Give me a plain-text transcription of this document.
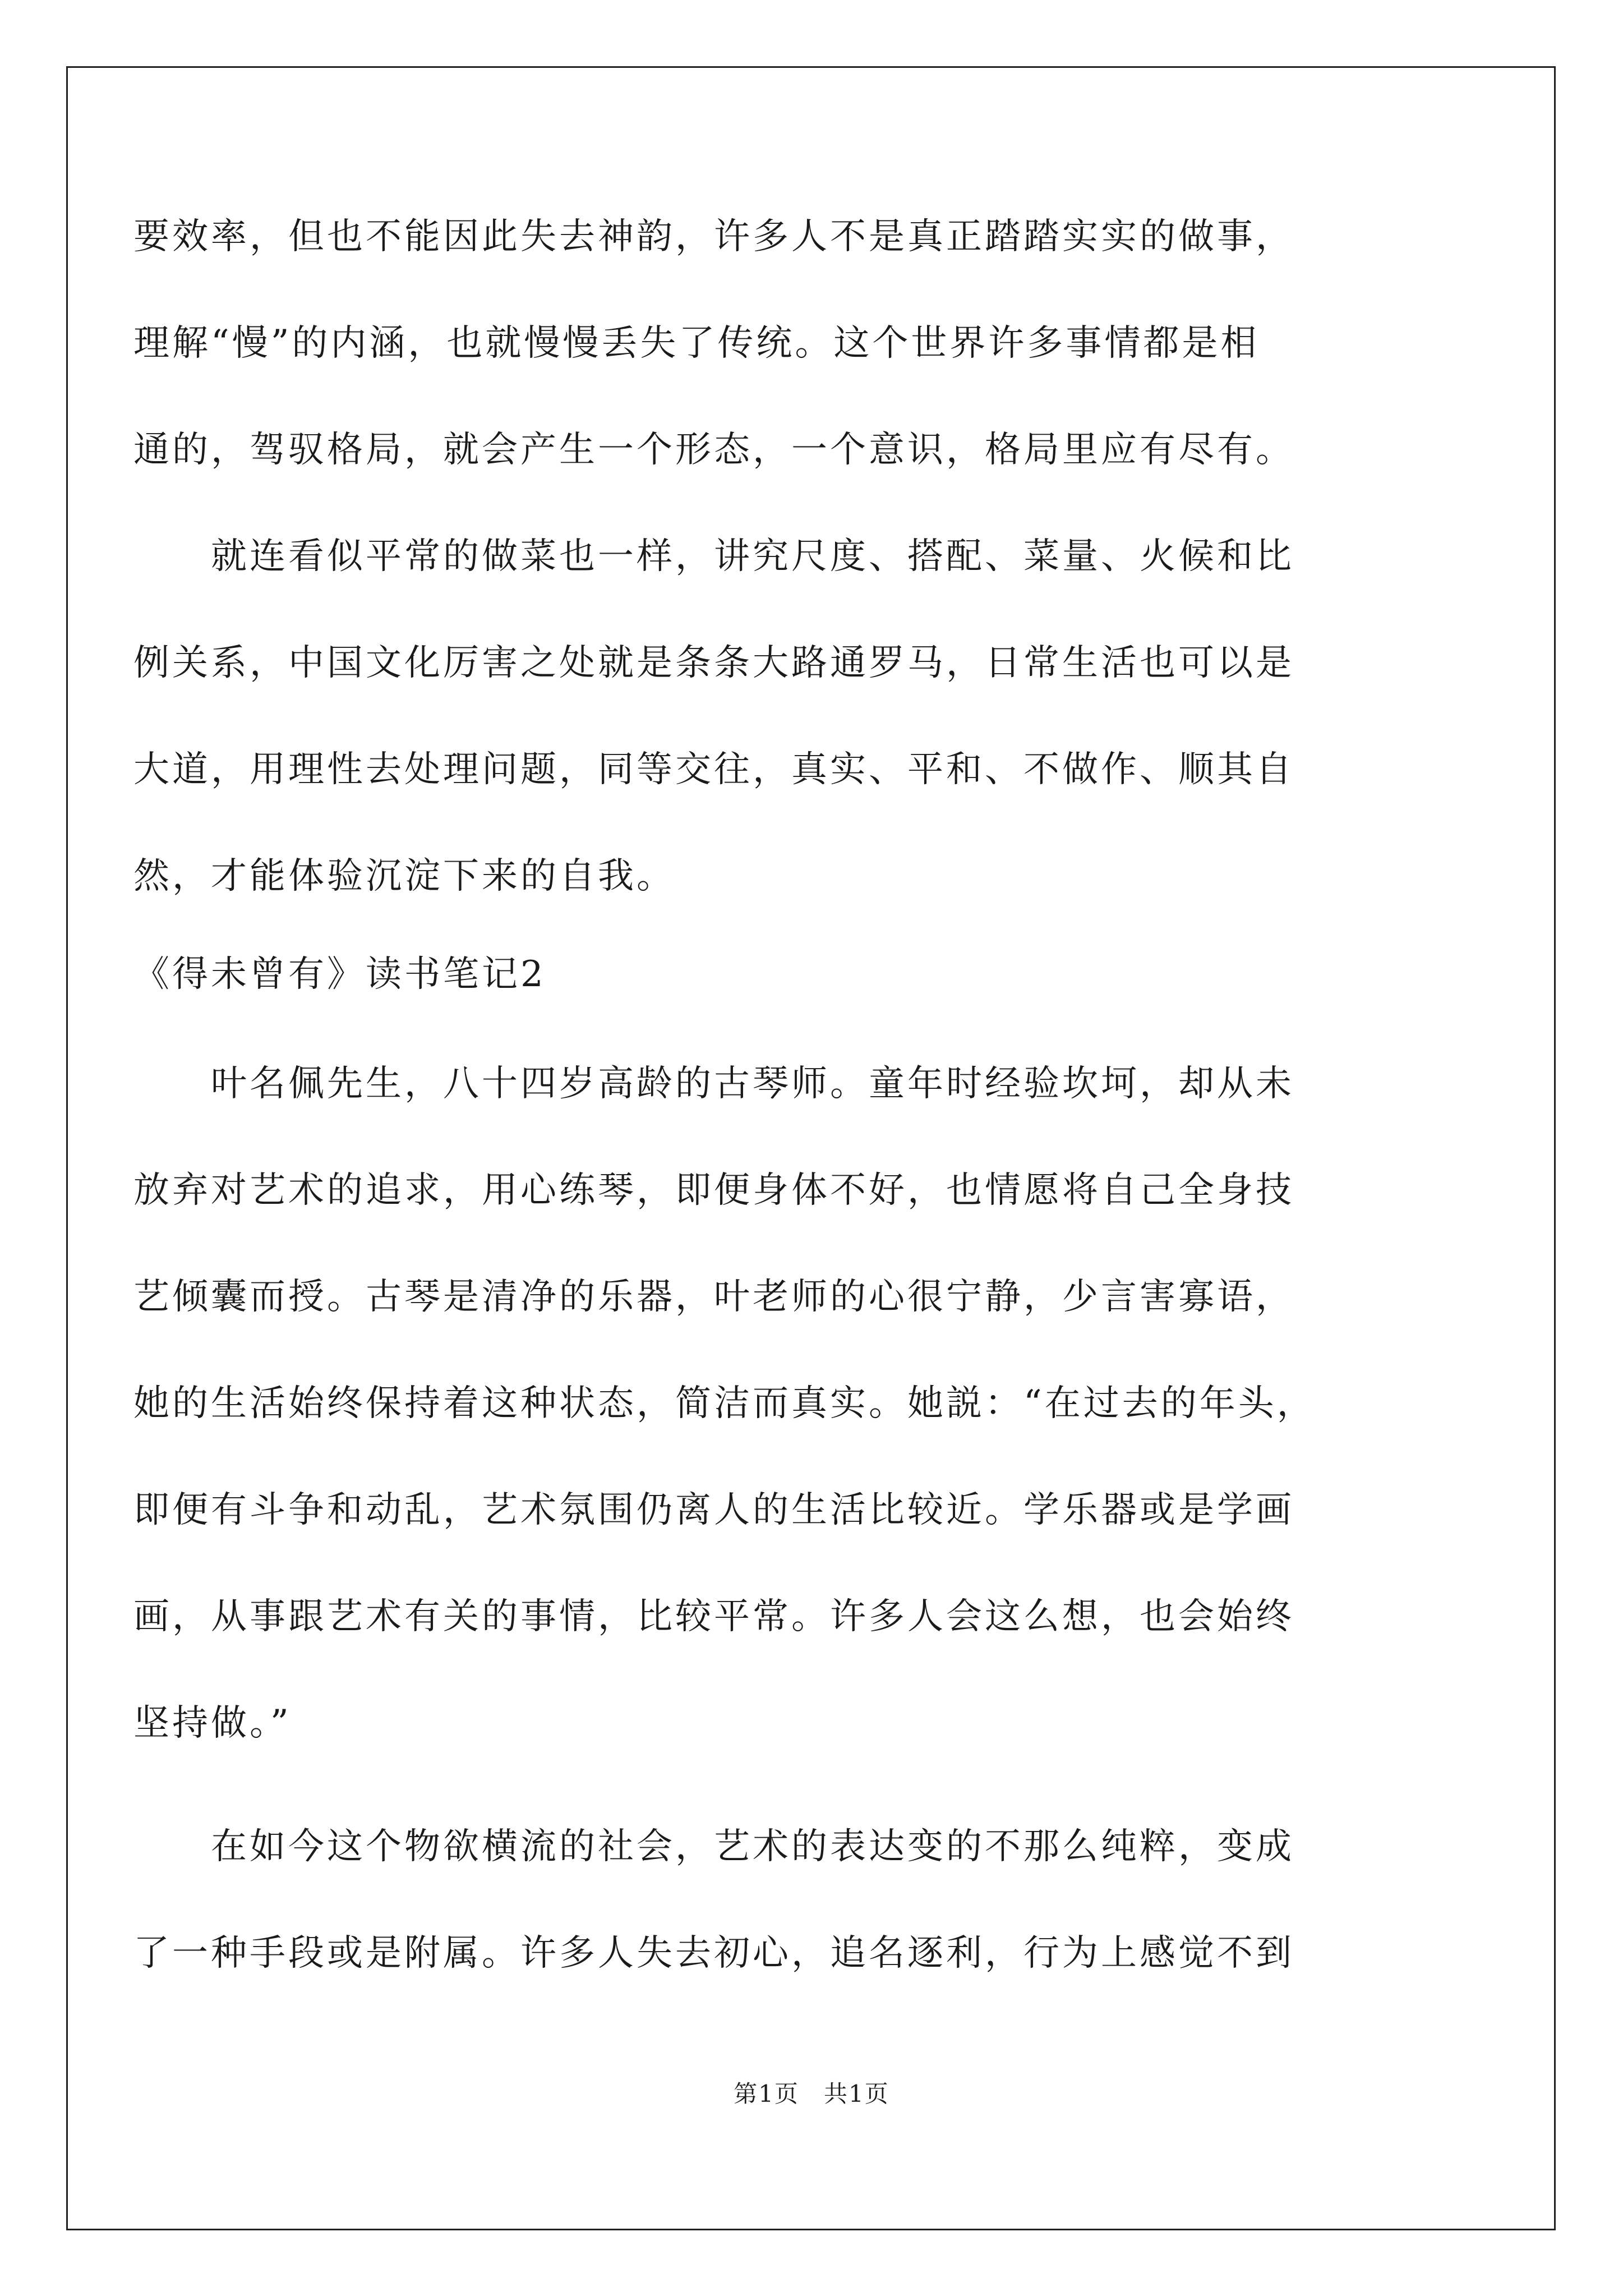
要效率，但也不能因此失去神韵，许多人不是真正踏踏实实的做事，
理解“慢”的内涵，也就慢慢丢失了传统。这个世界许多事情都是相
通的，驾驭格局，就会产生一个形态，一个意识，格局里应有尽有。
　　就连看似平常的做菜也一样，讲究尺度、搭配、菜量、火候和比
例关系，中国文化厉害之处就是条条大路通罗马，日常生活也可以是
大道，用理性去处理问题，同等交往，真实、平和、不做作、顺其自
然，才能体验沉淀下来的自我。
《得未曾有》读书笔记2
　　叶名佩先生，八十四岁高龄的古琴师。童年时经验坎坷，却从未
放弃对艺术的追求，用心练琴，即便身体不好，也情愿将自己全身技
艺倾囊而授。古琴是清净的乐器，叶老师的心很宁静，少言害寡语，
她的生活始终保持着这种状态，简洁而真实。她説：“在过去的年头，
即便有斗争和动乱，艺术氛围仍离人的生活比较近。学乐器或是学画
画，从事跟艺术有关的事情，比较平常。许多人会这么想，也会始终
坚持做。”
　　在如今这个物欲横流的社会，艺术的表达变的不那么纯粹，变成
了一种手段或是附属。许多人失去初心，追名逐利，行为上感觉不到
第1页　共1页
